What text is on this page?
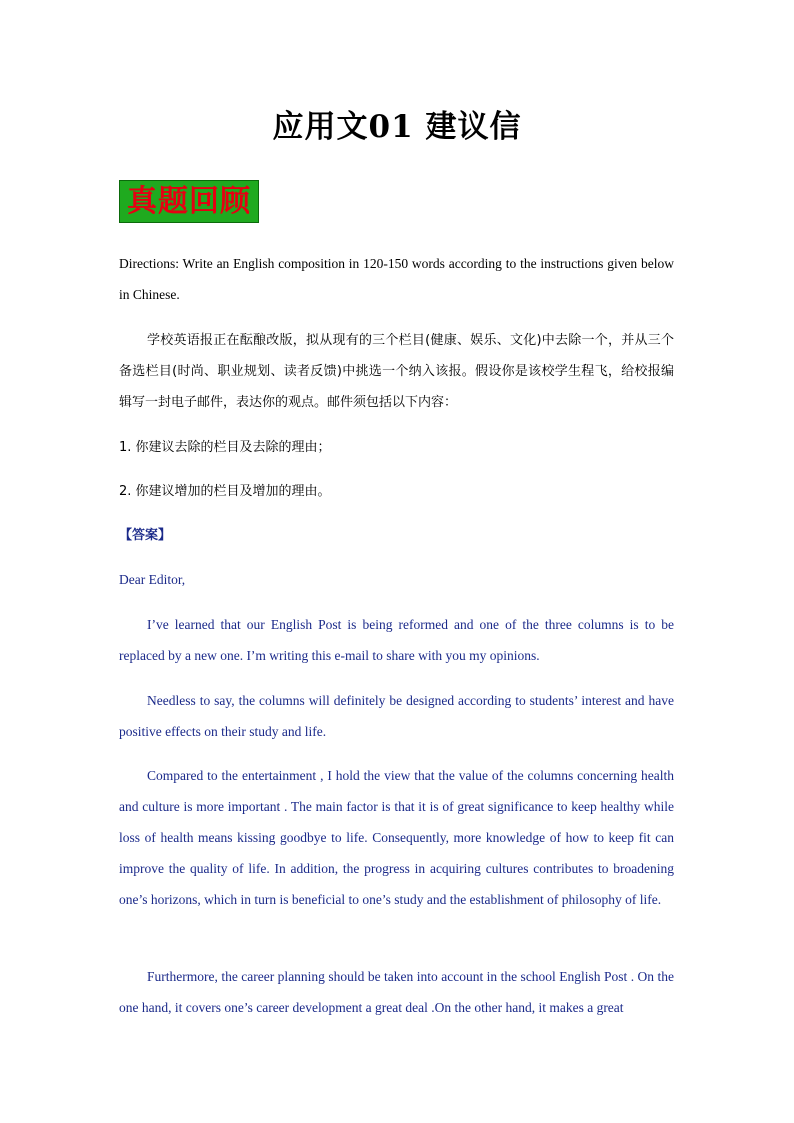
应用文01 建议信
真题回顾
Directions: Write an English composition in 120-150 words according to the instructions given below in Chinese.
学校英语报正在酝酿改版，拟从现有的三个栏目(健康、娱乐、文化)中去除一个，并从三个备选栏目(时尚、职业规划、读者反馈)中挑选一个纳入该报。假设你是该校学生程飞，给校报编辑写一封电子邮件，表达你的观点。邮件须包括以下内容：
1. 你建议去除的栏目及去除的理由；
2. 你建议增加的栏目及增加的理由。
【答案】
Dear Editor,
I’ve learned that our English Post is being reformed and one of the three columns is to be replaced by a new one. I’m writing this e-mail to share with you my opinions.
Needless to say, the columns will definitely be designed according to students’ interest and have positive effects on their study and life.
Compared to the entertainment , I hold the view that the value of the columns concerning health and culture is more important . The main factor is that it is of great significance to keep healthy while loss of health means kissing goodbye to life. Consequently, more knowledge of how to keep fit can improve the quality of life. In addition, the progress in acquiring cultures contributes to broadening one’s horizons, which in turn is beneficial to one’s study and the establishment of philosophy of life.
Furthermore, the career planning should be taken into account in the school English Post . On the one hand, it covers one’s career development a great deal .On the other hand, it makes a great
